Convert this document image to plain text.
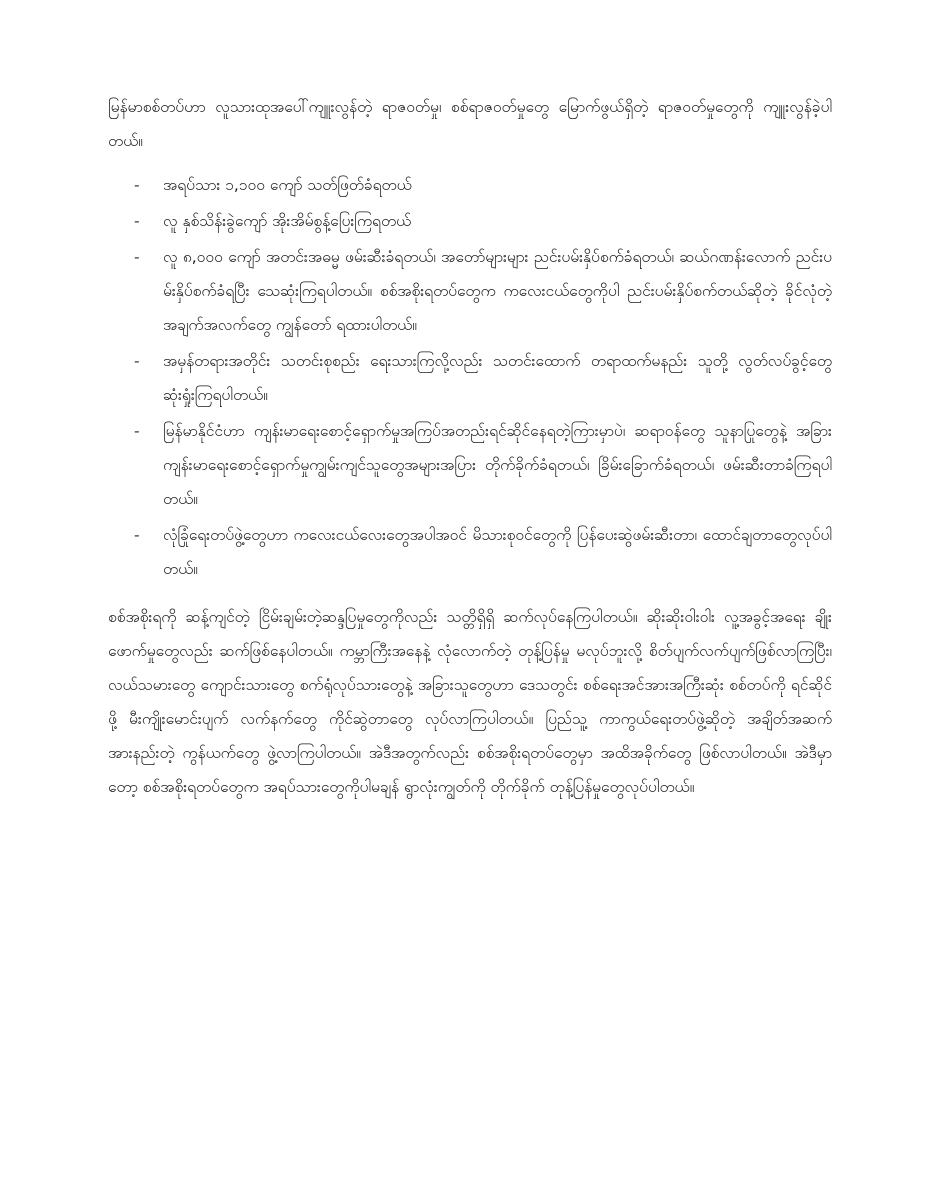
မြန်မာစစ်တပ်ဟာ လူသားထုအပေါ်ကျူးလွန်တဲ့ ရာဇဝတ်မှု၊ စစ်ရာဇဝတ်မှုတွေ မြောက်ဖွယ်ရှိတဲ့ ရာဇဝတ်မှုတွေကို ကျူးလွန်ခဲ့ပါတယ်။

- အရပ်သား ၁,၁၀၀ ကျော် သတ်ဖြတ်ခံရတယ်
- လူ နှစ်သိန်းခွဲကျော် အိုးအိမ်စွန့်ပြေးကြရတယ်
- လူ ၈,၀၀၀ ကျော် အတင်းအဓမ္မ ဖမ်းဆီးခံရတယ်၊ အတော်များများ ညင်းပမ်းနှိပ်စက်ခံရတယ်၊ ဆယ်ဂဏန်းလောက် ညင်းပမ်းနှိပ်စက်ခံရပြီး သေဆုံးကြရပါတယ်။ စစ်အစိုးရတပ်တွေက ကလေးငယ်တွေကိုပါ ညင်းပမ်းနှိပ်စက်တယ်ဆိုတဲ့ ခိုင်လုံတဲ့ အချက်အလက်တွေ ကျွန်တော် ရထားပါတယ်။
- အမှန်တရားအတိုင်း သတင်းစုစည်း ရေးသားကြလို့လည်း သတင်းထောက် တရာထက်မနည်း သူတို့ လွတ်လပ်ခွင့်တွေ ဆုံးရှုံးကြရပါတယ်။
- မြန်မာနိုင်ငံဟာ ကျန်းမာရေးစောင့်ရှောက်မှုအကြပ်အတည်းရင်ဆိုင်နေရတဲ့ကြားမှာပဲ၊ ဆရာဝန်တွေ သူနာပြုတွေနဲ့ အခြားကျန်းမာရေးစောင့်ရှောက်မှုကျွမ်းကျင်သူတွေအများအပြား တိုက်ခိုက်ခံရတယ်၊ ခြိမ်းခြောက်ခံရတယ်၊ ဖမ်းဆီးတာခံကြရပါတယ်။
- လုံခြုံရေးတပ်ဖွဲ့တွေဟာ ကလေးငယ်လေးတွေအပါအဝင် မိသားစုဝင်တွေကို ပြန်ပေးဆွဲဖမ်းဆီးတာ၊ ထောင်ချတာတွေလုပ်ပါတယ်။

စစ်အစိုးရကို ဆန့်ကျင်တဲ့ ငြိမ်းချမ်းတဲ့ဆန္ဒပြမှုတွေကိုလည်း သတ္တိရှိရှိ ဆက်လုပ်နေကြပါတယ်။ ဆိုးဆိုးဝါးဝါး လူ့အခွင့်အရေး ချိုးဖောက်မှုတွေလည်း ဆက်ဖြစ်နေပါတယ်။ ကမ္ဘာကြီးအနေနဲ့ လုံလောက်တဲ့ တုန့်ပြန်မှု မလုပ်ဘူးလို့ စိတ်ပျက်လက်ပျက်ဖြစ်လာကြပြီး၊ လယ်သမားတွေ ကျောင်းသားတွေ စက်ရုံလုပ်သားတွေနဲ့ အခြားသူတွေဟာ ဒေသတွင်း စစ်ရေးအင်အားအကြီးဆုံး စစ်တပ်ကို ရင်ဆိုင်ဖို့ မီးကျိုးမောင်းပျက် လက်နက်တွေ ကိုင်ဆွဲတာတွေ လုပ်လာကြပါတယ်။ ပြည်သူ့ ကာကွယ်ရေးတပ်ဖွဲ့ဆိုတဲ့ အချိတ်အဆက် အားနည်းတဲ့ ကွန်ယက်တွေ ဖွဲ့လာကြပါတယ်။ အဲဒီအတွက်လည်း စစ်အစိုးရတပ်တွေမှာ အထိအခိုက်တွေ ဖြစ်လာပါတယ်။ အဲဒီမှာတော့ စစ်အစိုးရတပ်တွေက အရပ်သားတွေကိုပါမချန် ရွာလုံးကျွတ်ကို တိုက်ခိုက် တုန့်ပြန်မှုတွေလုပ်ပါတယ်။
